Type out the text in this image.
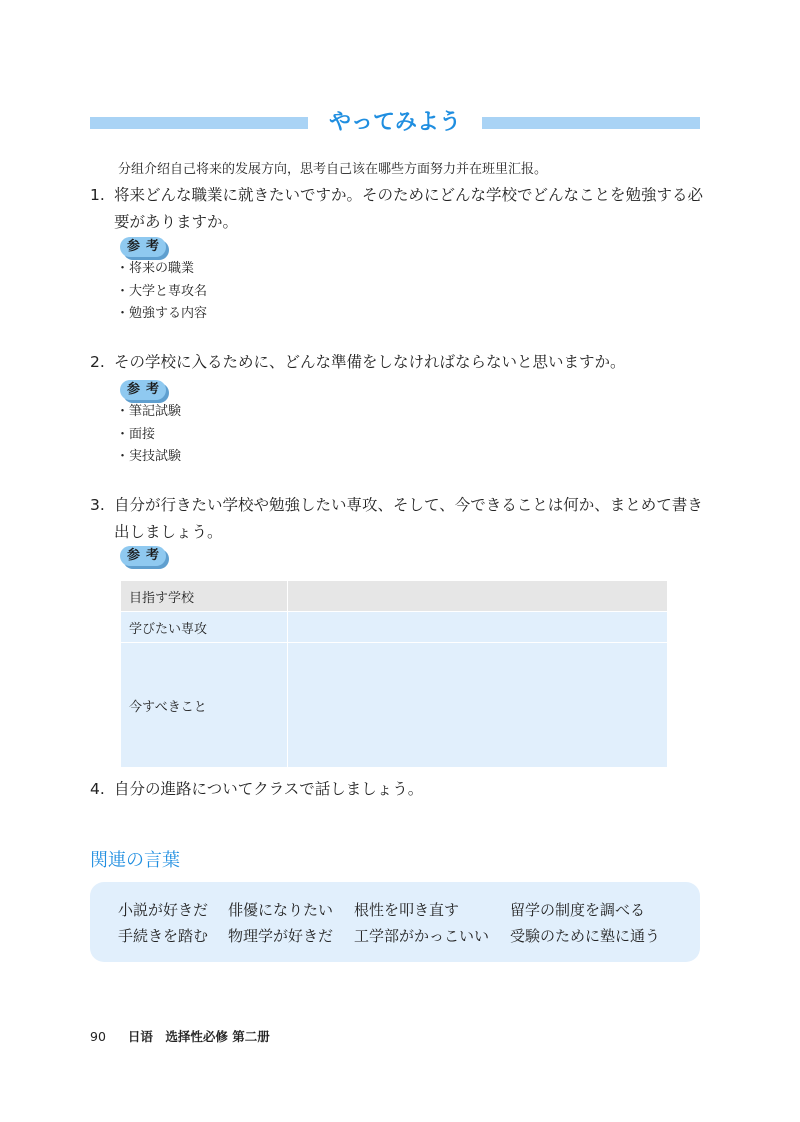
やってみよう
分组介绍自己将来的发展方向，思考自己该在哪些方面努力并在班里汇报。
1. 将来どんな職業に就きたいですか。そのためにどんな学校でどんなことを勉強する必要がありますか。
参考
・ 将来の職業
・ 大学と専攻名
・ 勉強する内容
2. その学校に入るために、どんな準備をしなければならないと思いますか。
参考
・ 筆記試験
・ 面接
・ 実技試験
3. 自分が行きたい学校や勉強したい専攻、そして、今できることは何か、まとめて書き出しましょう。
参考
目指す学校	
学びたい専攻	
今すべきこと	
4. 自分の進路についてクラスで話しましょう。
関連の言葉
小説が好きだ 俳優になりたい 根性を叩き直す	留学の制度を調べる
手続きを踏む 物理学が好きだ 工学部がかっこいい 受験のために塾に通う
90 日语　选择性必修 第二册
